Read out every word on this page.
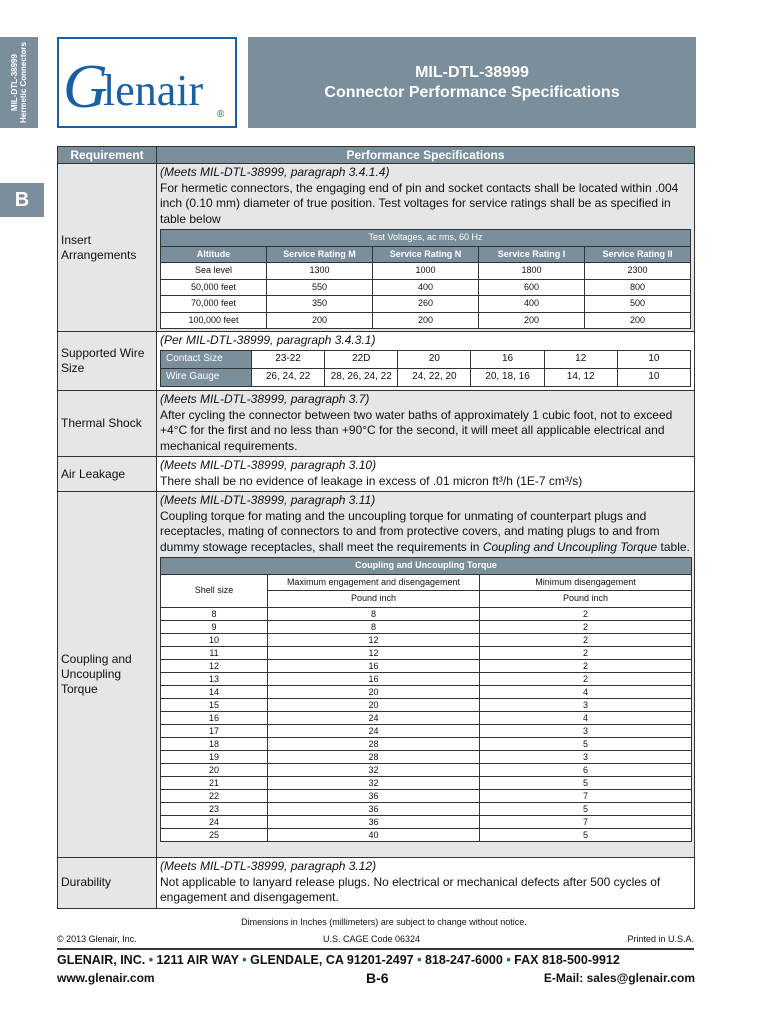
MIL-DTL-38999 Hermetic Connectors
B
G
lenair ®
MIL-DTL-38999
Connector Performance Specifications
Requirement	Performance Specifications
Insert Arrangements	
(Meets MIL-DTL-38999, paragraph 3.4.1.4)
For hermetic connectors, the engaging end of pin and socket contacts shall be located within .004 inch (0.10 mm) diameter of true position. Test voltages for service ratings shall be as specified in table below
Test Voltages, ac rms, 60 Hz
Altitude	Service Rating M	Service Rating N	Service Rating I	Service Rating II
Sea level	1300	1000	1800	2300
50,000 feet	550	400	600	800
70,000 feet	350	260	400	500
100,000 feet	200	200	200	200

Supported Wire Size	
(Per MIL-DTL-38999, paragraph 3.4.3.1)
Contact Size	23-22	22D	20	16	12	10
Wire Gauge	26, 24, 22	28, 26, 24, 22	24, 22, 20	20, 18, 16	14, 12	10

Thermal Shock	
(Meets MIL-DTL-38999, paragraph 3.7)
After cycling the connector between two water baths of approximately 1 cubic foot, not to exceed +4°C for the first and no less than +90°C for the second, it will meet all applicable electrical and mechanical requirements.

Air Leakage	
(Meets MIL-DTL-38999, paragraph 3.10)
There shall be no evidence of leakage in excess of .01 micron ft³/h (1E-7 cm³/s)

Coupling and Uncoupling Torque	
(Meets MIL-DTL-38999, paragraph 3.11)
Coupling torque for mating and the uncoupling torque for unmating of counterpart plugs and receptacles, mating of connectors to and from protective covers, and mating plugs to and from dummy stowage receptacles, shall meet the requirements in Coupling and Uncoupling Torque table.
Coupling and Uncoupling Torque
Shell size	Maximum engagement and disengagement	Minimum disengagement
Pound inch	Pound inch
8	8	2
9	8	2
10	12	2
11	12	2
12	16	2
13	16	2
14	20	4
15	20	3
16	24	4
17	24	3
18	28	5
19	28	3
20	32	6
21	32	5
22	36	7
23	36	5
24	36	7
25	40	5

Durability	
(Meets MIL-DTL-38999, paragraph 3.12)
Not applicable to lanyard release plugs. No electrical or mechanical defects after 500 cycles of engagement and disengagement.
Dimensions in Inches (millimeters) are subject to change without notice.
© 2013 Glenair, Inc.	U.S. CAGE Code 06324	Printed in U.S.A.
GLENAIR, INC. • 1211 AIR WAY • GLENDALE, CA 91201-2497 • 818-247-6000 • FAX 818-500-9912
www.glenair.com	B-6	E-Mail: sales@glenair.com
